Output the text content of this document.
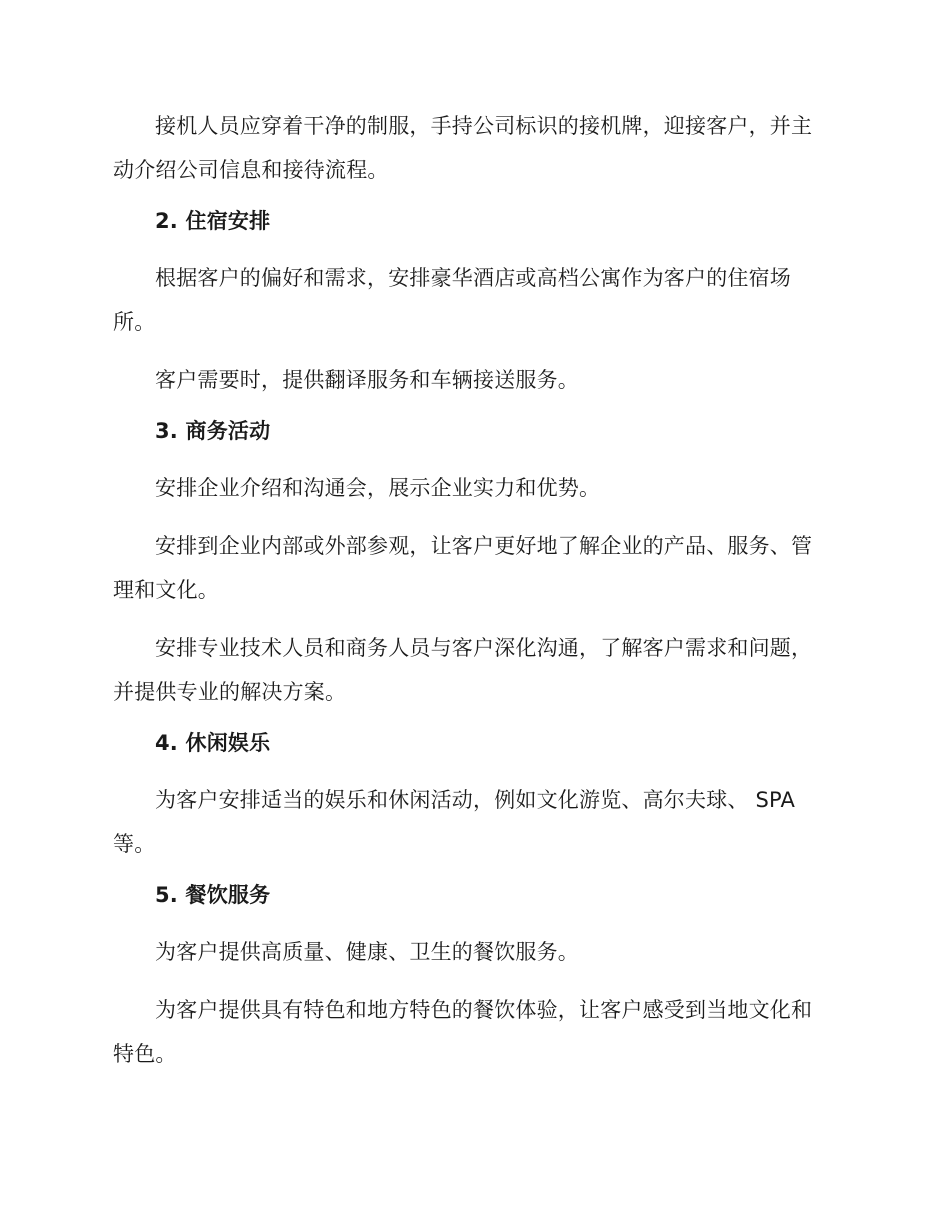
接机人员应穿着干净的制服，手持公司标识的接机牌，迎接客户，并主动介绍公司信息和接待流程。

2. 住宿安排

根据客户的偏好和需求，安排豪华酒店或高档公寓作为客户的住宿场所。

客户需要时，提供翻译服务和车辆接送服务。

3. 商务活动

安排企业介绍和沟通会，展示企业实力和优势。

安排到企业内部或外部参观，让客户更好地了解企业的产品、服务、管理和文化。

安排专业技术人员和商务人员与客户深化沟通，了解客户需求和问题，并提供专业的解决方案。

4. 休闲娱乐

为客户安排适当的娱乐和休闲活动，例如文化游览、高尔夫球、 SPA 等。

5. 餐饮服务

为客户提供高质量、健康、卫生的餐饮服务。

为客户提供具有特色和地方特色的餐饮体验，让客户感受到当地文化和特色。
